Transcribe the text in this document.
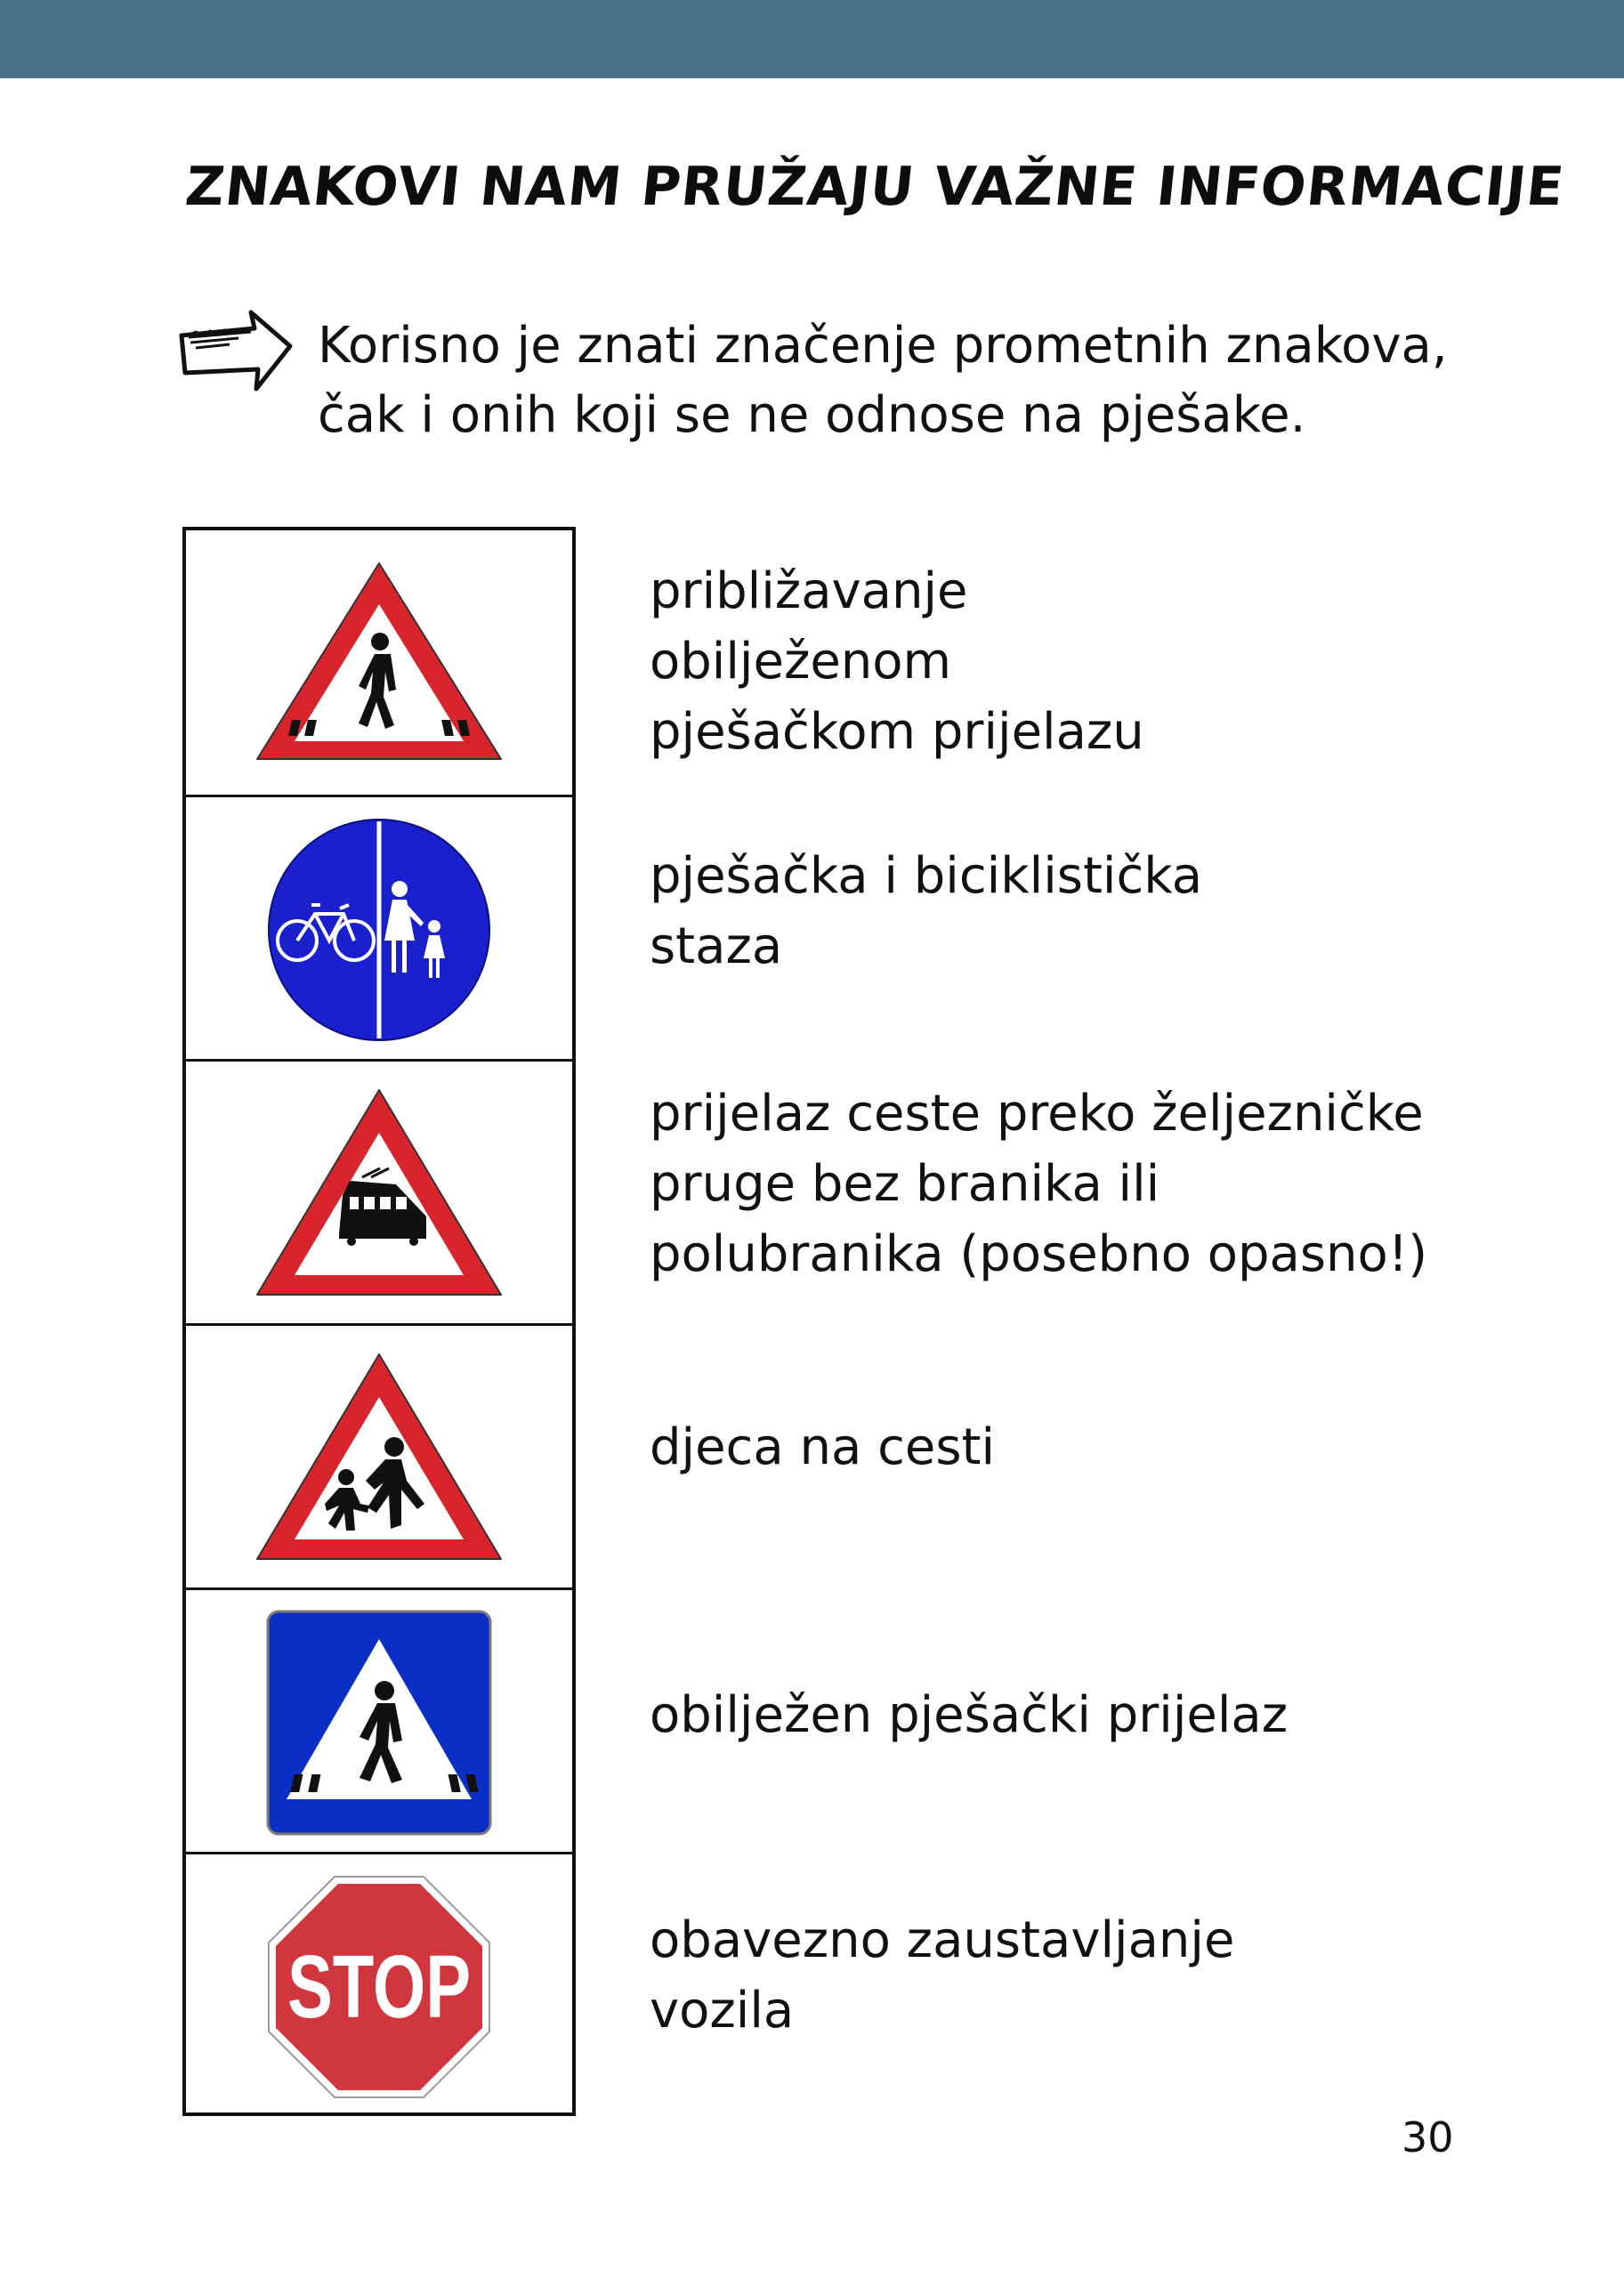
ZNAKOVI NAM PRUŽAJU VAŽNE INFORMACIJE

Korisno je znati značenje prometnih znakova,
čak i onih koji se ne odnose na pješake.

STOP

približavanje
obilježenom
pješačkom prijelazu

pješačka i biciklistička
staza

prijelaz ceste preko željezničke
pruge bez branika ili
polubranika (posebno opasno!)

djeca na cesti

obilježen pješački prijelaz

obavezno zaustavljanje
vozila

30
